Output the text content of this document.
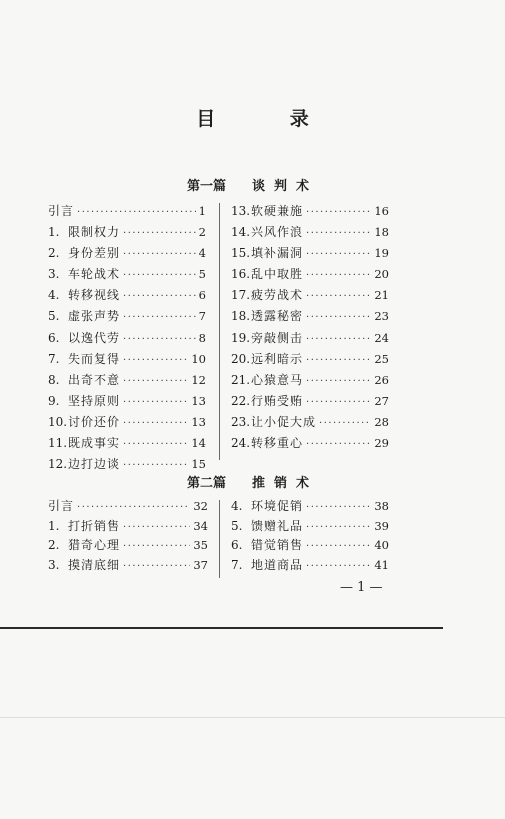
目 录
第一篇 谈判术
引言 ·····	1
1. 限制权力 ·····	2
2. 身份差别 ·····	4
3. 车轮战术 ·····	5
4. 转移视线 ·····	6
5. 虚张声势 ·····	7
6. 以逸代劳 ·····	8
7. 失而复得 ·····	10
8. 出奇不意 ·····	12
9. 坚持原则 ·····	13
10. 讨价还价 ·····	13
11. 既成事实 ·····	14
12. 边打边谈 ·····	15
13. 软硬兼施 ·····	16
14. 兴风作浪 ·····	18
15. 填补漏洞 ·····	19
16. 乱中取胜 ·····	20
17. 疲劳战术 ·····	21
18. 透露秘密 ·····	23
19. 旁敲侧击 ·····	24
20. 远利暗示 ·····	25
21. 心猿意马 ·····	26
22. 行贿受贿 ·····	27
23. 让小促大成 ·····	28
24. 转移重心 ·····	29
第二篇 推销术
引言 ·····	32
1. 打折销售 ·····	34
2. 猎奇心理 ·····	35
3. 摸清底细 ·····	37
4. 环境促销 ·····	38
5. 馈赠礼品 ·····	39
6. 错觉销售 ·····	40
7. 地道商品 ·····	41
— 1 —
